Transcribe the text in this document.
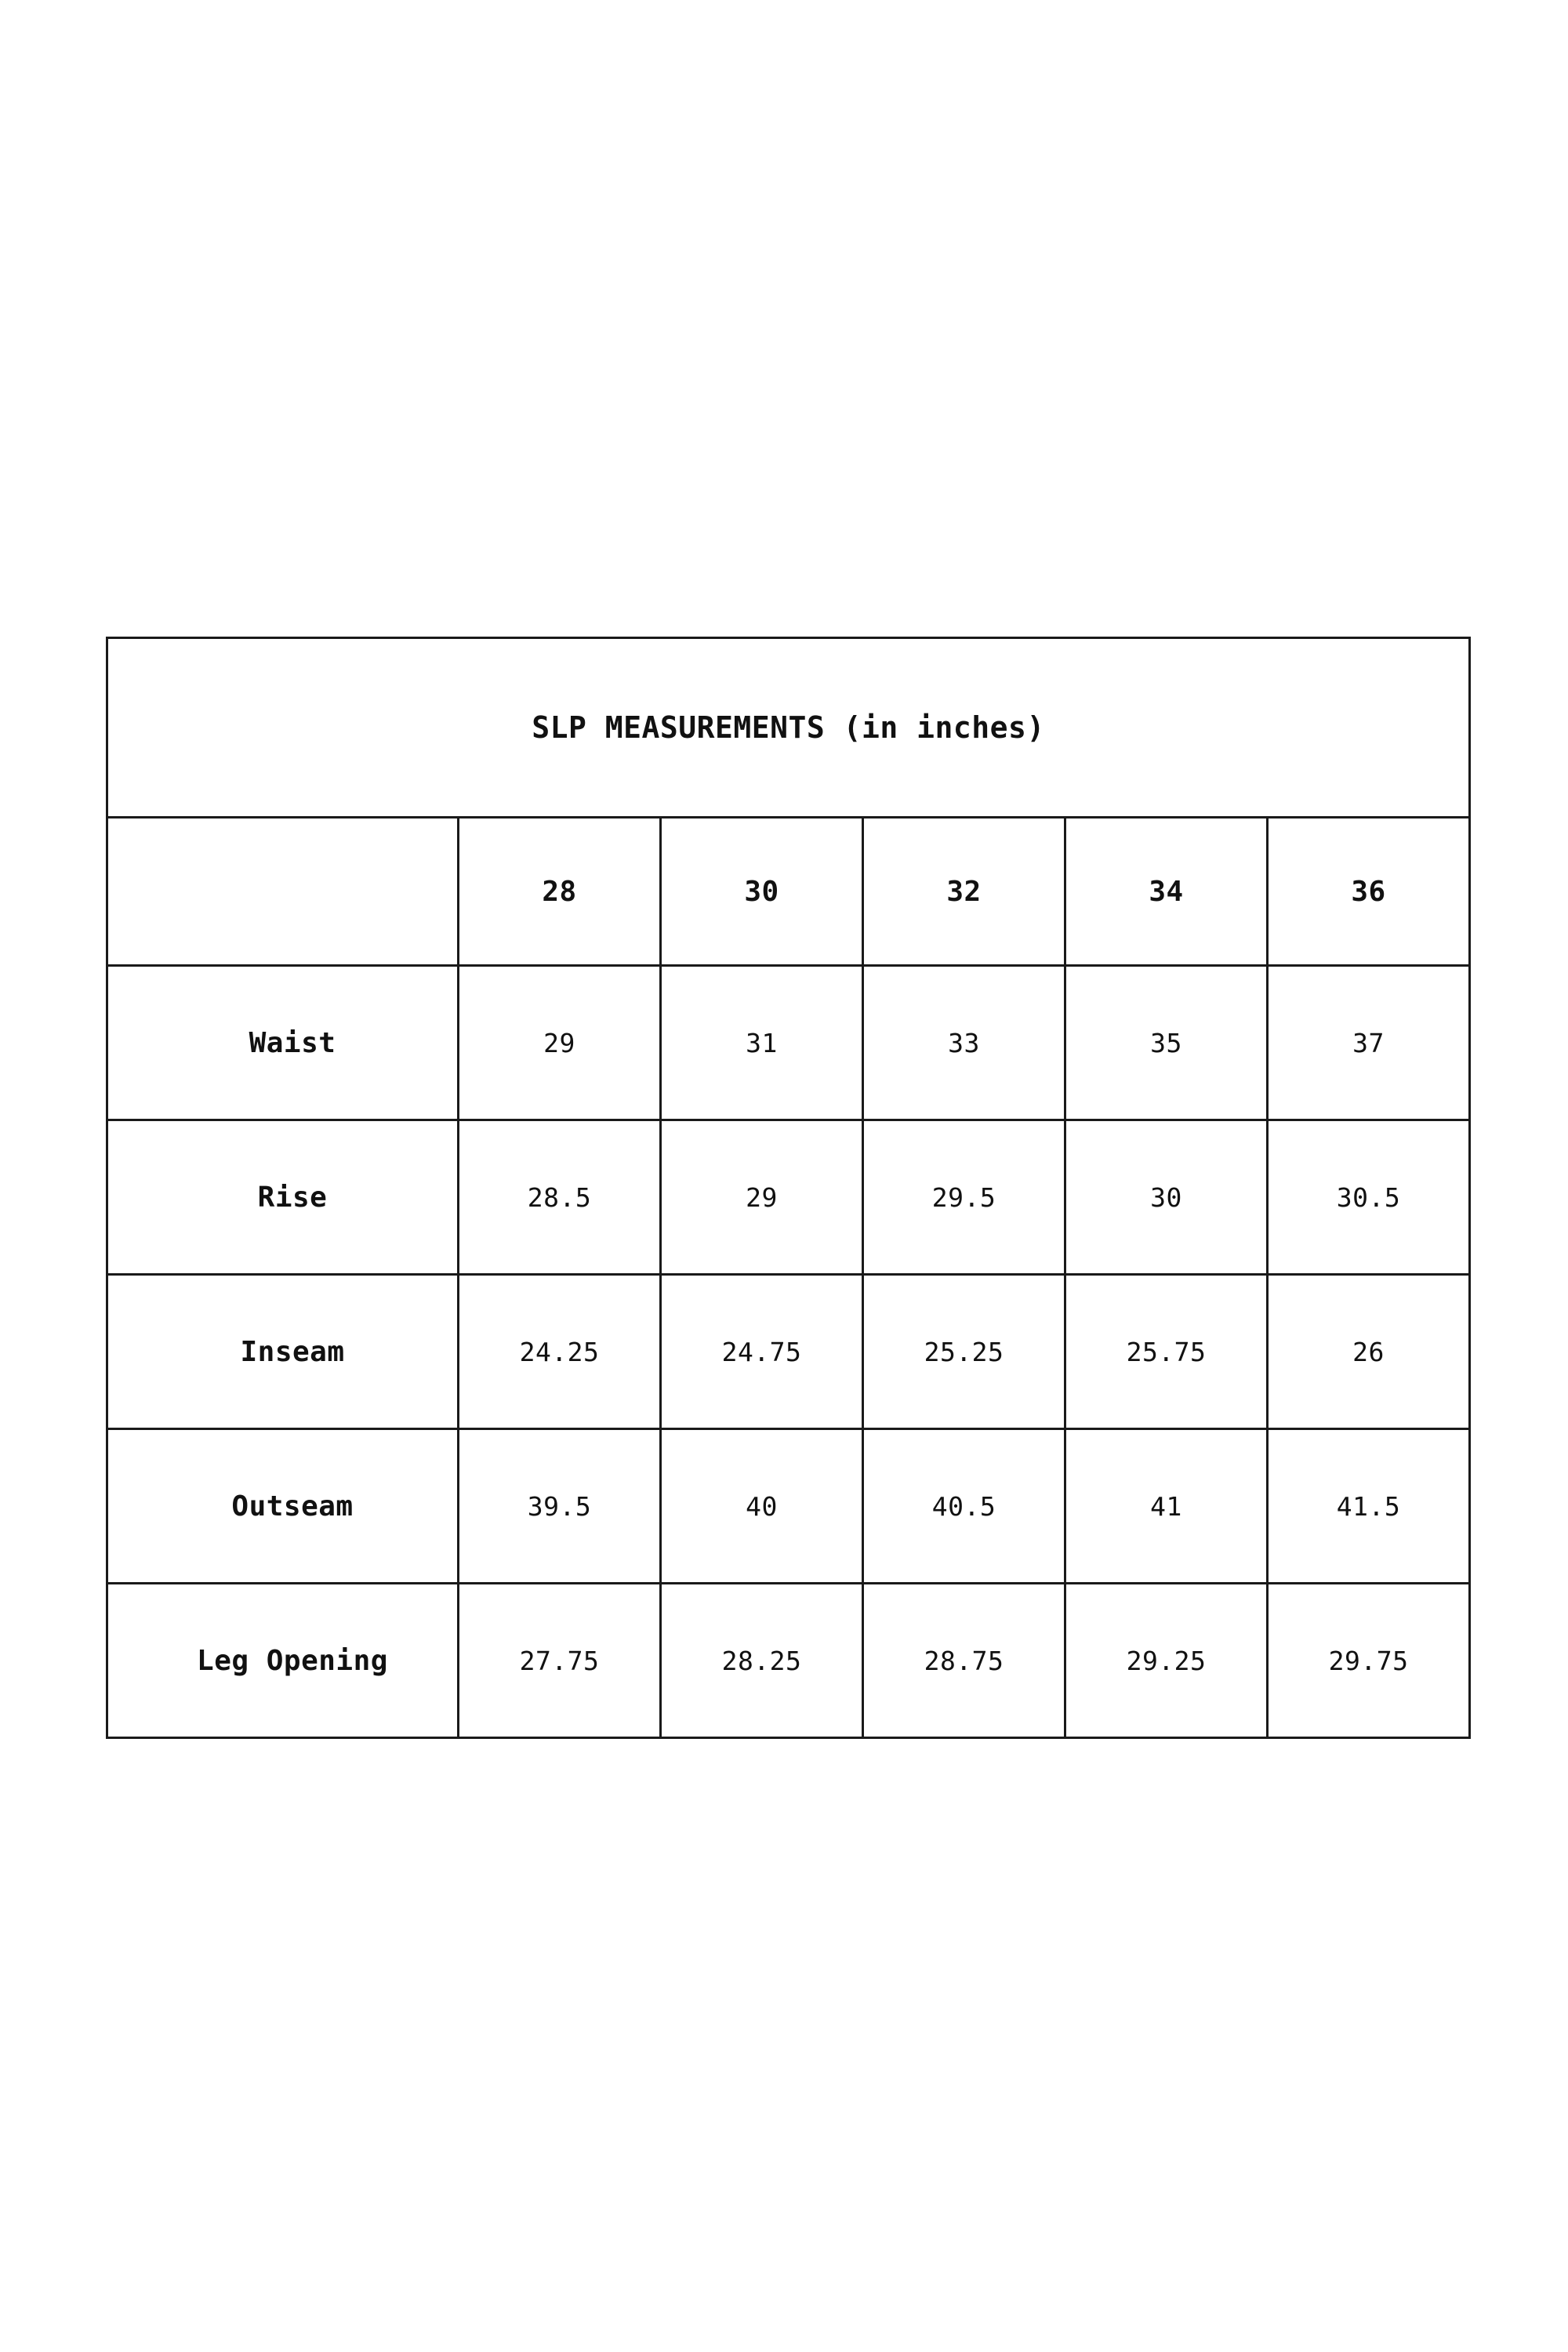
SLP MEASUREMENTS (in inches)					
	28	30	32	34	36
Waist	29	31	33	35	37
Rise	28.5	29	29.5	30	30.5
Inseam	24.25	24.75	25.25	25.75	26
Outseam	39.5	40	40.5	41	41.5
Leg Opening	27.75	28.25	28.75	29.25	29.75
